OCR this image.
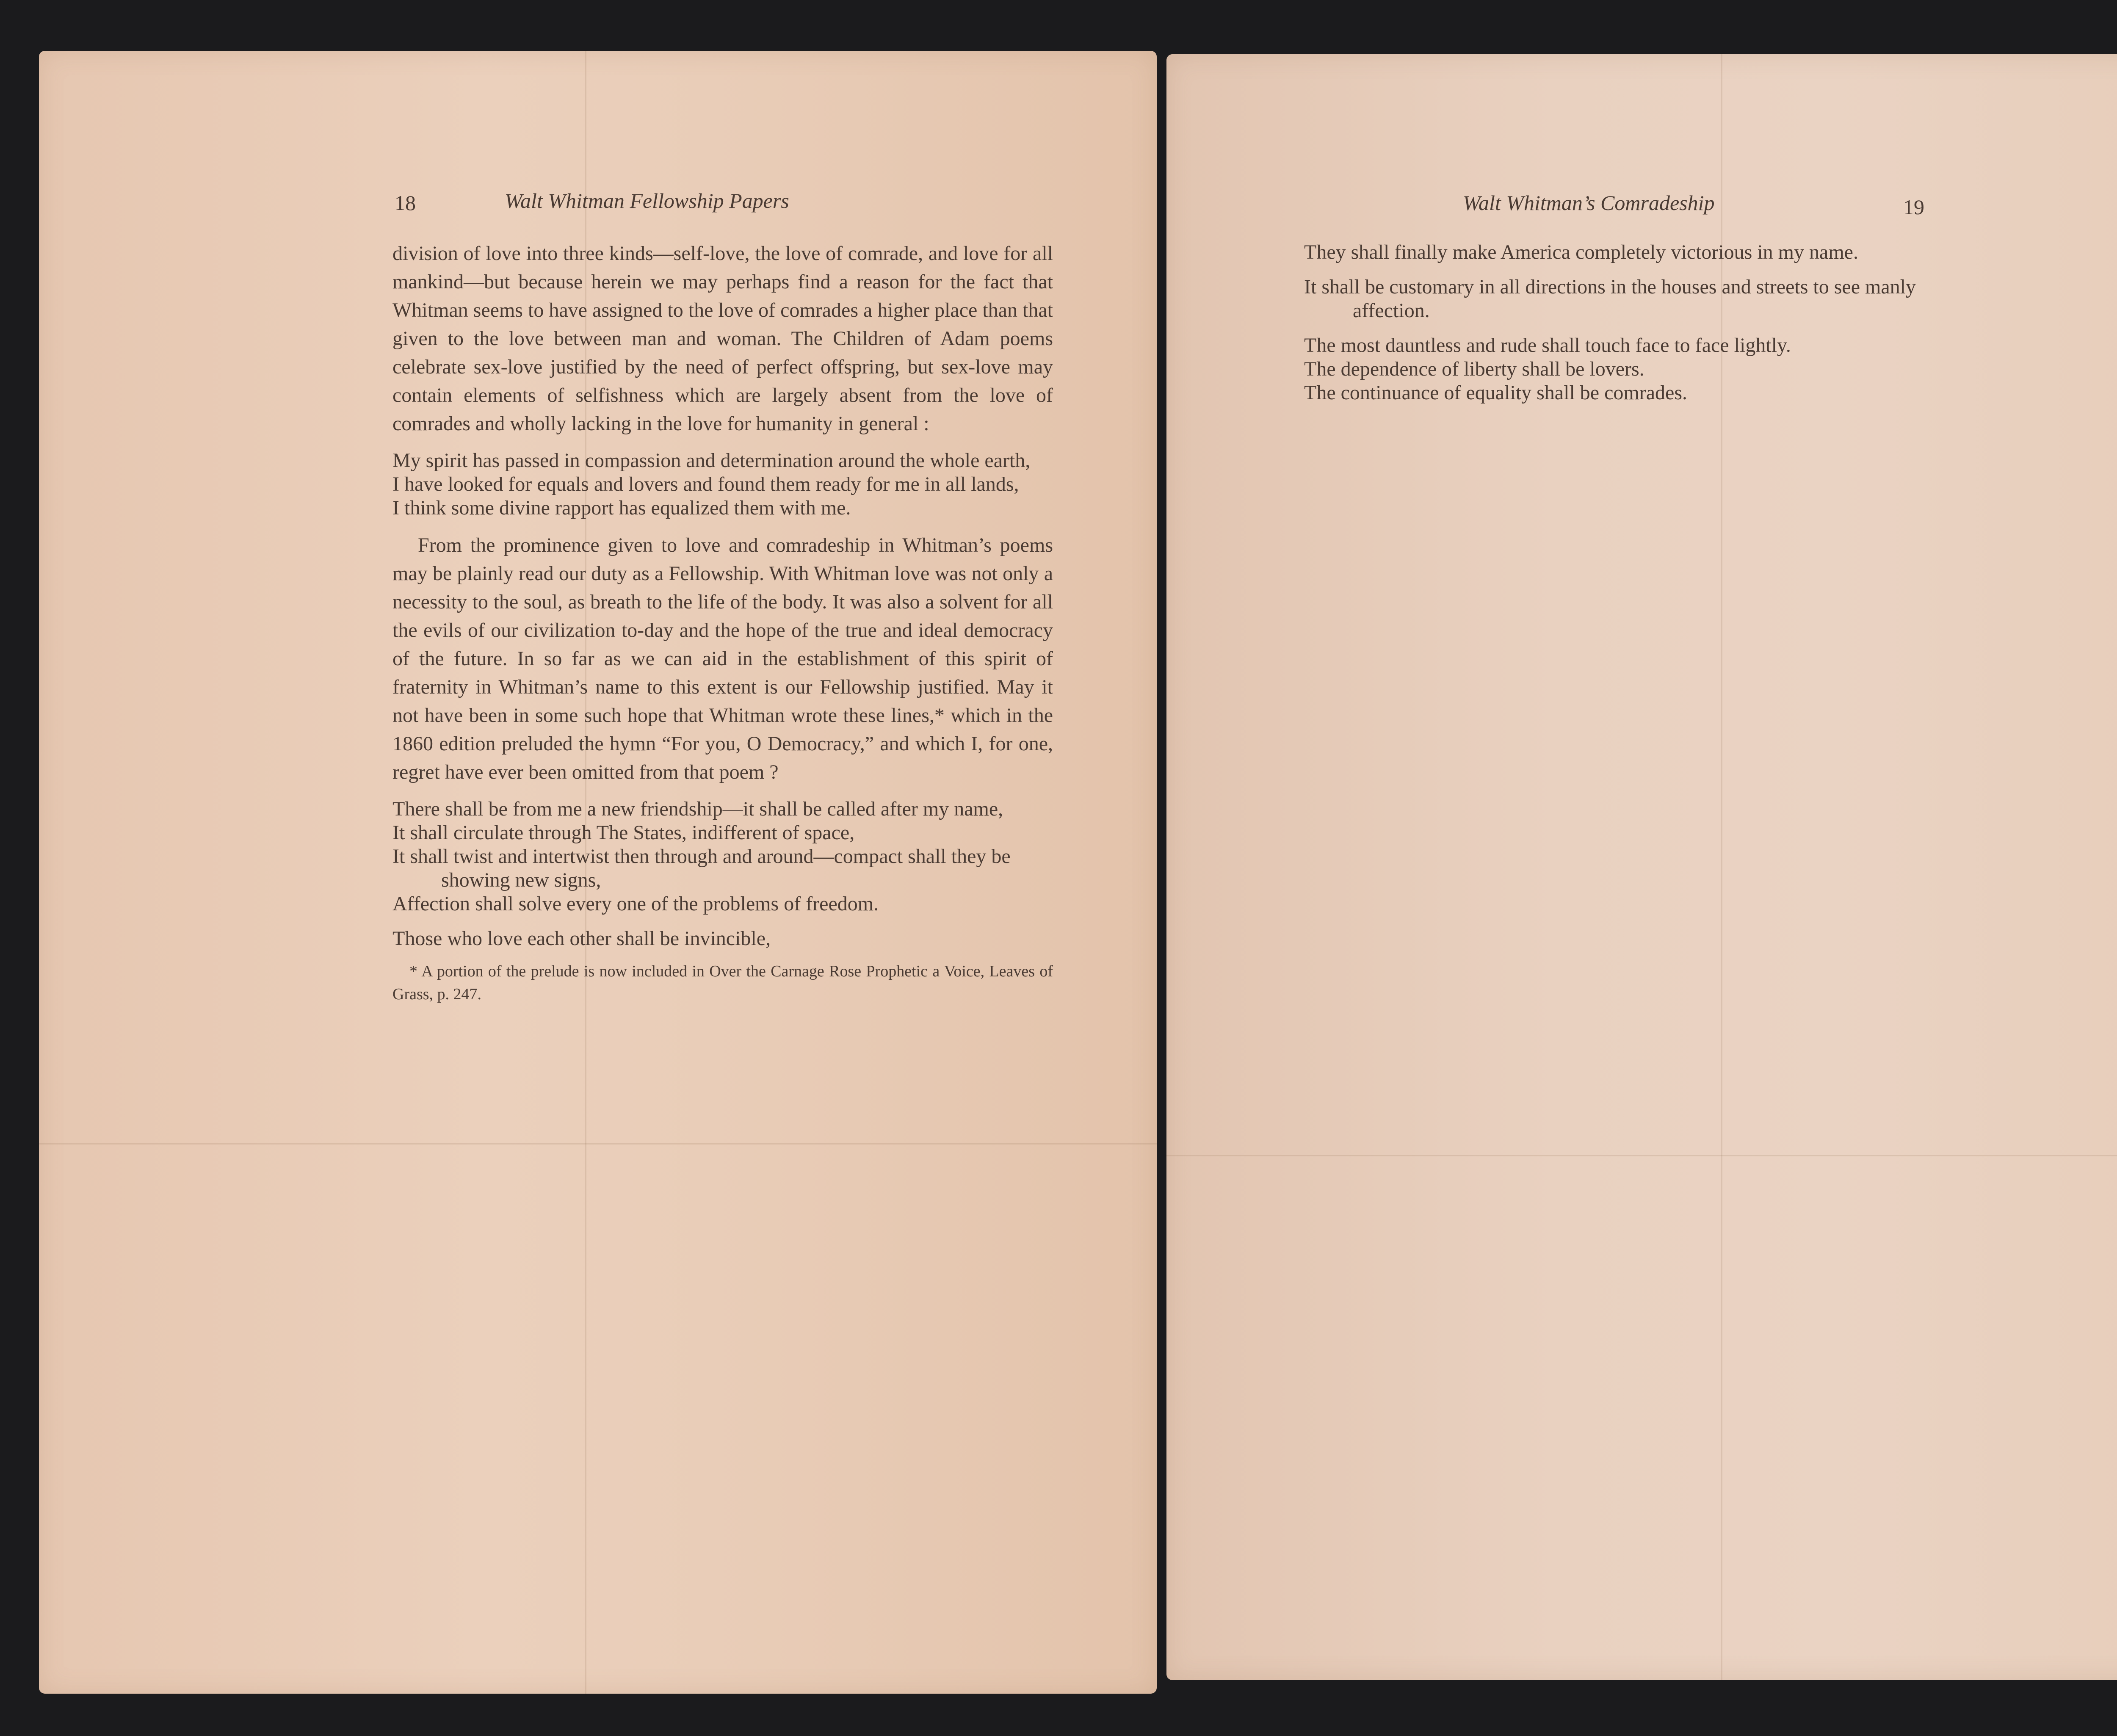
18	Walt Whitman Fellowship Papers

division of love into three kinds—self-love, the love of comrade, and love for all mankind—but because herein we may perhaps find a reason for the fact that Whitman seems to have assigned to the love of comrades a higher place than that given to the love between man and woman. The Children of Adam poems celebrate sex-love justified by the need of perfect offspring, but sex-love may contain elements of selfishness which are largely absent from the love of comrades and wholly lacking in the love for humanity in general :

My spirit has passed in compassion and determination around the whole earth,
I have looked for equals and lovers and found them ready for me in all lands,
I think some divine rapport has equalized them with me.

From the prominence given to love and comradeship in Whitman’s poems may be plainly read our duty as a Fellowship. With Whitman love was not only a necessity to the soul, as breath to the life of the body. It was also a solvent for all the evils of our civilization to-day and the hope of the true and ideal democracy of the future. In so far as we can aid in the establishment of this spirit of fraternity in Whitman’s name to this extent is our Fellowship justified. May it not have been in some such hope that Whitman wrote these lines,* which in the 1860 edition preluded the hymn “For you, O Democracy,” and which I, for one, regret have ever been omitted from that poem ?

There shall be from me a new friendship—it shall be called after my name,
It shall circulate through The States, indifferent of space,
It shall twist and intertwist then through and around—compact shall they be showing new signs,
Affection shall solve every one of the problems of freedom.
Those who love each other shall be invincible,
* A portion of the prelude is now included in Over the Carnage Rose Prophetic a Voice, Leaves of Grass, p. 247.
Walt Whitman’s Comradeship	19
They shall finally make America completely victorious in my name.
It shall be customary in all directions in the houses and streets to see manly affection.
The most dauntless and rude shall touch face to face lightly.
The dependence of liberty shall be lovers.
The continuance of equality shall be comrades.
